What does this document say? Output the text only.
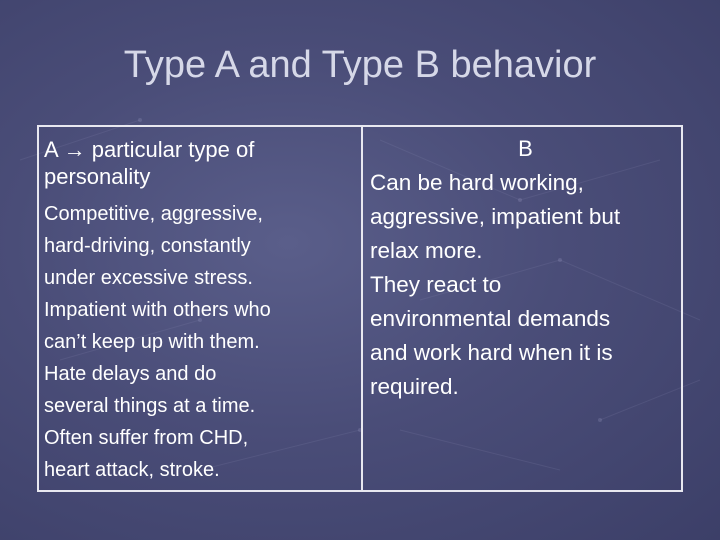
Type A and Type B behavior

A → particular type of
personality

Competitive, aggressive,
hard-driving, constantly
under excessive stress.
Impatient with others who
can’t keep up with them.
Hate delays and do
several things at a time.
Often suffer from CHD,
heart attack, stroke.

B

Can be hard working,
aggressive, impatient but
relax more.
They react to
environmental demands
and work hard when it is
required.
